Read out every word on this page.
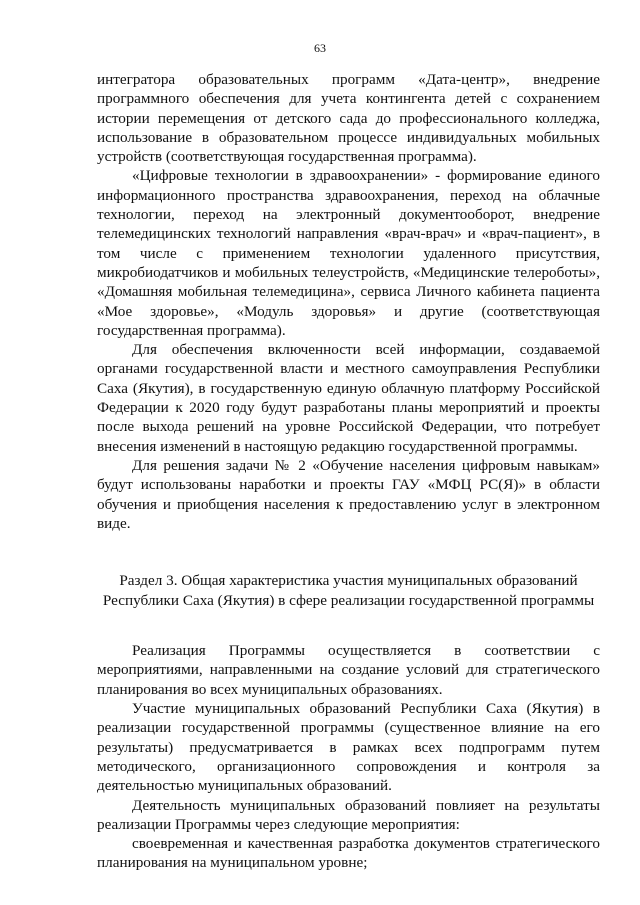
63

интегратора образовательных программ «Дата-центр», внедрение программного обеспечения для учета контингента детей с сохранением истории перемещения от детского сада до профессионального колледжа, использование в образовательном процессе индивидуальных мобильных устройств (соответствующая государственная программа).

«Цифровые технологии в здравоохранении» - формирование единого информационного пространства здравоохранения, переход на облачные технологии, переход на электронный документооборот, внедрение телемедицинских технологий направления «врач-врач» и «врач-пациент», в том числе с применением технологии удаленного присутствия, микробиодатчиков и мобильных телеустройств, «Медицинские телероботы», «Домашняя мобильная телемедицина», сервиса Личного кабинета пациента «Мое здоровье», «Модуль здоровья» и другие (соответствующая государственная программа).

Для обеспечения включенности всей информации, создаваемой органами государственной власти и местного самоуправления Республики Саха (Якутия), в государственную единую облачную платформу Российской Федерации к 2020 году будут разработаны планы мероприятий и проекты после выхода решений на уровне Российской Федерации, что потребует внесения изменений в настоящую редакцию государственной программы.

Для решения задачи № 2 «Обучение населения цифровым навыкам» будут использованы наработки и проекты ГАУ «МФЦ РС(Я)» в области обучения и приобщения населения к предоставлению услуг в электронном виде.

Раздел 3. Общая характеристика участия муниципальных образований
Республики Саха (Якутия) в сфере реализации государственной программы

Реализация Программы осуществляется в соответствии с мероприятиями, направленными на создание условий для стратегического планирования во всех муниципальных образованиях.

Участие муниципальных образований Республики Саха (Якутия) в реализации государственной программы (существенное влияние на его результаты) предусматривается в рамках всех подпрограмм путем методического, организационного сопровождения и контроля за деятельностью муниципальных образований.

Деятельность муниципальных образований повлияет на результаты реализации Программы через следующие мероприятия:

своевременная и качественная разработка документов стратегического планирования на муниципальном уровне;
